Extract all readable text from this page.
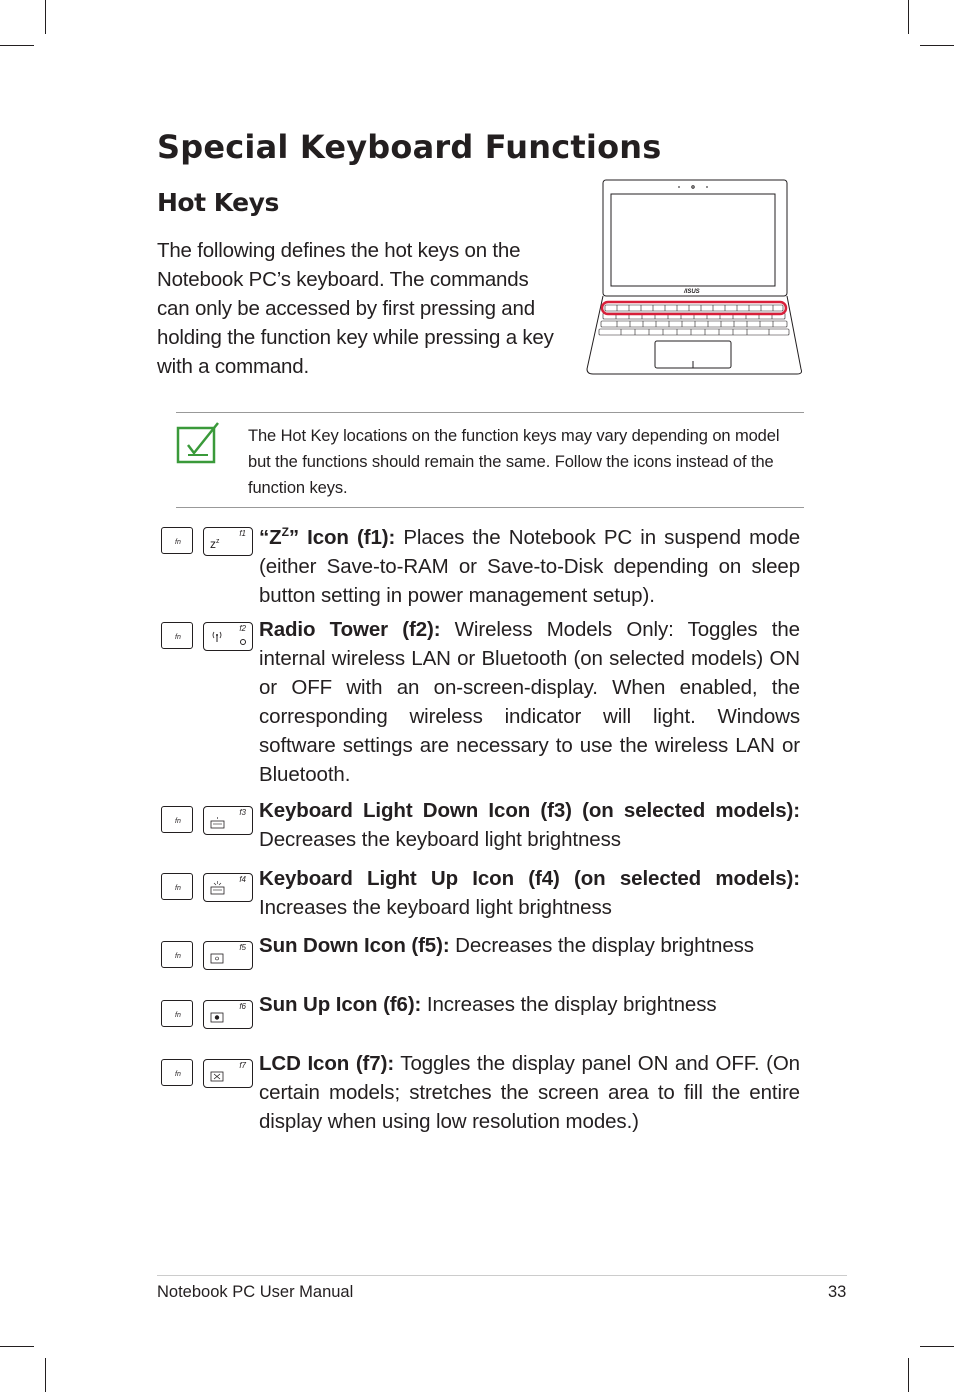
Special Keyboard Functions
Hot Keys

The following defines the hot keys on the Notebook PC’s keyboard. The commands can only be accessed by first pressing and holding the function key while pressing a key with a command.

/ISUS

The Hot Key locations on the function keys may vary depending on model but the functions should remain the same. Follow the icons instead of the function keys.

fn
f1
$z^z$ “$Z^Z$” Icon (f1): Places the Notebook PC in suspend mode (either Save-to-RAM or Save-to-Disk depending on sleep button setting in power management setup).

fn
f2 Radio Tower (f2): Wireless Models Only: Toggles the internal wireless LAN or Bluetooth (on selected models) ON or OFF with an on-screen-display. When enabled, the corresponding wireless indicator will light. Windows software settings are necessary to use the wireless LAN or Bluetooth.

fn
f3 Keyboard Light Down Icon (f3) (on selected models): Decreases the keyboard light brightness

fn
f4 Keyboard Light Up Icon (f4) (on selected models): Increases the keyboard light brightness

fn
f5 Sun Down Icon (f5): Decreases the display brightness

fn
f6 Sun Up Icon (f6): Increases the display brightness

fn
f7 LCD Icon (f7): Toggles the display panel ON and OFF. (On certain models; stretches the screen area to fill the entire display when using low resolution modes.)

Notebook PC User Manual	33
